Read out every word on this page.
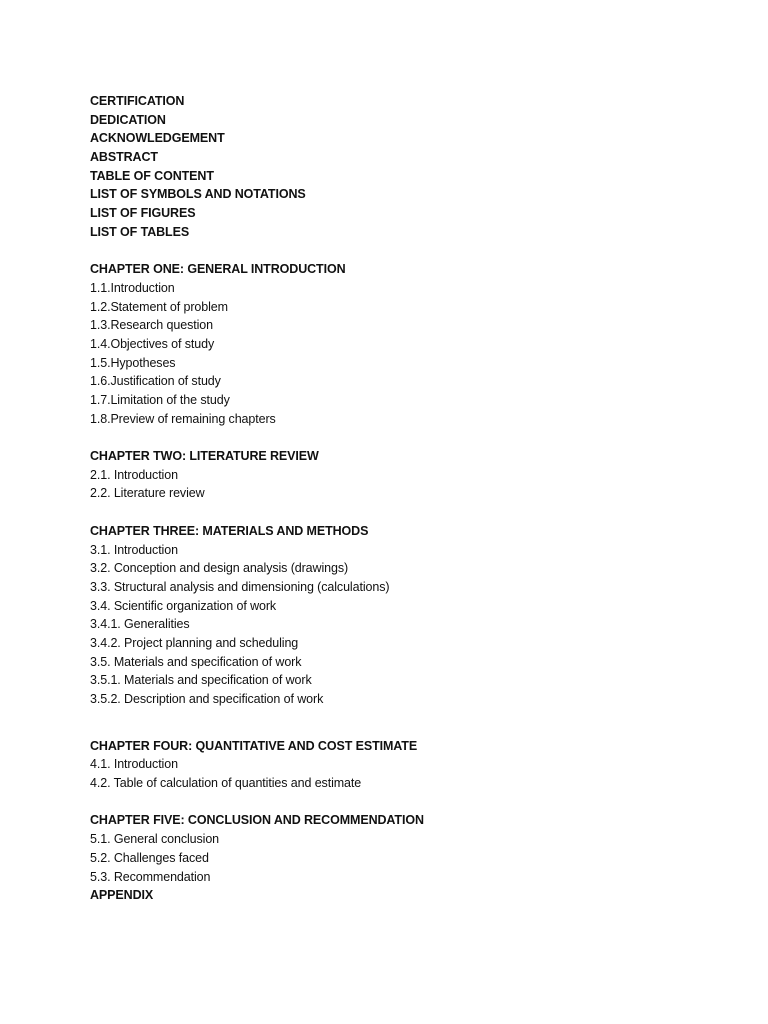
CERTIFICATION
DEDICATION
ACKNOWLEDGEMENT
ABSTRACT
TABLE OF CONTENT
LIST OF SYMBOLS AND NOTATIONS
LIST OF FIGURES
LIST OF TABLES
CHAPTER ONE: GENERAL INTRODUCTION
1.1.Introduction
1.2.Statement of problem
1.3.Research question
1.4.Objectives of study
1.5.Hypotheses
1.6.Justification of study
1.7.Limitation of the study
1.8.Preview of remaining chapters
CHAPTER TWO: LITERATURE REVIEW
2.1. Introduction
2.2. Literature review
CHAPTER THREE: MATERIALS AND METHODS
3.1. Introduction
3.2. Conception and design analysis (drawings)
3.3. Structural analysis and dimensioning (calculations)
3.4. Scientific organization of work
3.4.1. Generalities
3.4.2. Project planning and scheduling
3.5. Materials and specification of work
3.5.1. Materials and specification of work
3.5.2. Description and specification of work
CHAPTER FOUR: QUANTITATIVE AND COST ESTIMATE
4.1. Introduction
4.2. Table of calculation of quantities and estimate
CHAPTER FIVE: CONCLUSION AND RECOMMENDATION
5.1. General conclusion
5.2. Challenges faced
5.3. Recommendation
APPENDIX
